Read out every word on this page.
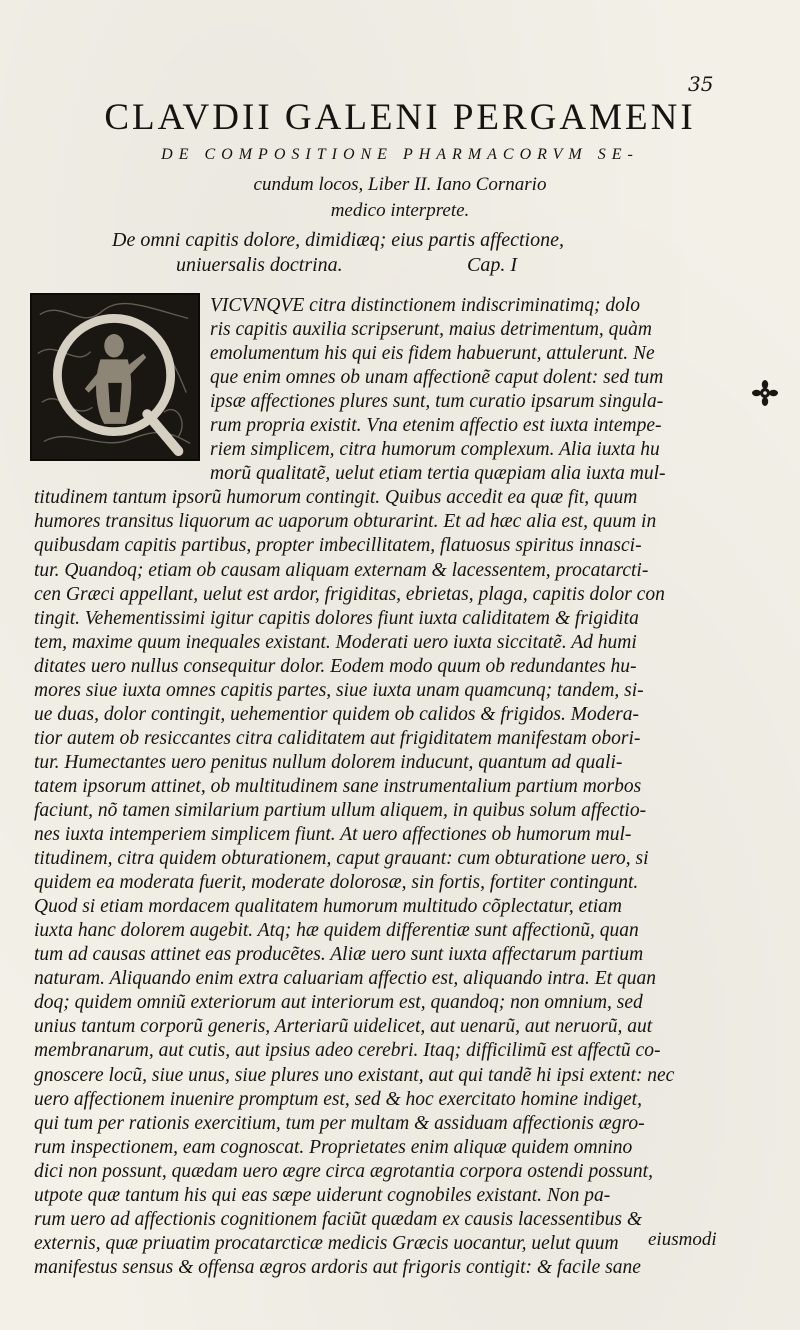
35
CLAVDII GALENI PERGAMENI
DE COMPOSITIONE PHARMACORVM SE-
cundum locos, Liber II. Iano Cornario
medico interprete.
De omni capitis dolore, dimidiæq; eius partis affectione,
uniuersalis doctrina.	Cap. I
VICVNQVE citra distinctionem indiscriminatimq; dolo
ris capitis auxilia scripserunt, maius detrimentum, quàm
emolumentum his qui eis fidem habuerunt, attulerunt. Ne
que enim omnes ob unam affectionẽ caput dolent: sed tum
ipsæ affectiones plures sunt, tum curatio ipsarum singula-
rum propria existit. Vna etenim affectio est iuxta intempe-
riem simplicem, citra humorum complexum. Alia iuxta hu
morũ qualitatẽ, uelut etiam tertia quæpiam alia iuxta mul-
titudinem tantum ipsorũ humorum contingit. Quibus accedit ea quæ fit, quum
humores transitus liquorum ac uaporum obturarint. Et ad hæc alia est, quum in
quibusdam capitis partibus, propter imbecillitatem, flatuosus spiritus innasci-
tur. Quandoq; etiam ob causam aliquam externam & lacessentem, procatarcti-
cen Græci appellant, uelut est ardor, frigiditas, ebrietas, plaga, capitis dolor con
tingit. Vehementissimi igitur capitis dolores fiunt iuxta caliditatem & frigidita
tem, maxime quum inequales existant. Moderati uero iuxta siccitatẽ. Ad humi
ditates uero nullus consequitur dolor. Eodem modo quum ob redundantes hu-
mores siue iuxta omnes capitis partes, siue iuxta unam quamcunq; tandem, si-
ue duas, dolor contingit, uehementior quidem ob calidos & frigidos. Modera-
tior autem ob resiccantes citra caliditatem aut frigiditatem manifestam obori-
tur. Humectantes uero penitus nullum dolorem inducunt, quantum ad quali-
tatem ipsorum attinet, ob multitudinem sane instrumentalium partium morbos
faciunt, nõ tamen similarium partium ullum aliquem, in quibus solum affectio-
nes iuxta intemperiem simplicem fiunt. At uero affectiones ob humorum mul-
titudinem, citra quidem obturationem, caput grauant: cum obturatione uero, si
quidem ea moderata fuerit, moderate dolorosæ, sin fortis, fortiter contingunt.
Quod si etiam mordacem qualitatem humorum multitudo cõplectatur, etiam
iuxta hanc dolorem augebit. Atq; hæ quidem differentiæ sunt affectionũ, quan
tum ad causas attinet eas producẽtes. Aliæ uero sunt iuxta affectarum partium
naturam. Aliquando enim extra caluariam affectio est, aliquando intra. Et quan
doq; quidem omniũ exteriorum aut interiorum est, quandoq; non omnium, sed
unius tantum corporũ generis, Arteriarũ uidelicet, aut uenarũ, aut neruorũ, aut
membranarum, aut cutis, aut ipsius adeo cerebri. Itaq; difficilimũ est affectũ co-
gnoscere locũ, siue unus, siue plures uno existant, aut qui tandẽ hi ipsi extent: nec
uero affectionem inuenire promptum est, sed & hoc exercitato homine indiget,
qui tum per rationis exercitium, tum per multam & assiduam affectionis ægro-
rum inspectionem, eam cognoscat. Proprietates enim aliquæ quidem omnino
dici non possunt, quædam uero ægre circa ægrotantia corpora ostendi possunt,
utpote quæ tantum his qui eas sæpe uiderunt cognobiles existant. Non pa-
rum uero ad affectionis cognitionem faciũt quædam ex causis lacessentibus &
externis, quæ priuatim procatarcticæ medicis Græcis uocantur, uelut quum
manifestus sensus & offensa ægros ardoris aut frigoris contigit: & facile sane
eiusmodi
